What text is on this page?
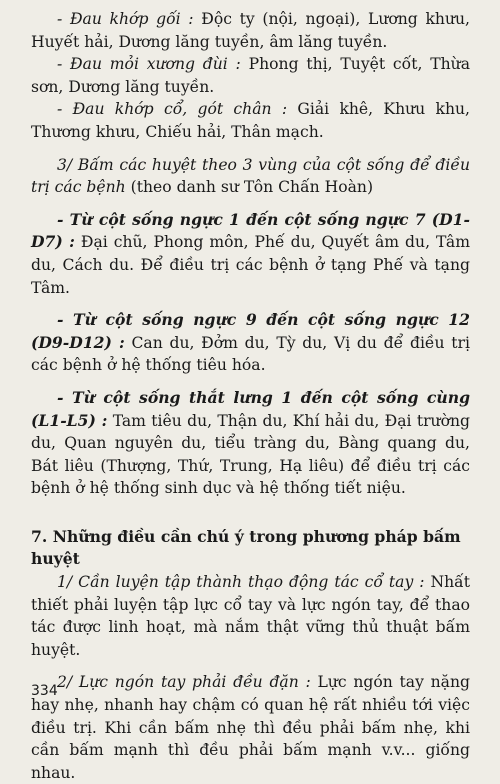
- Đau khớp gối : Độc ty (nội, ngoại), Lương khưu, Huyết hải, Dương lăng tuyền, âm lăng tuyền.

- Đau mỏi xương đùi : Phong thị, Tuyệt cốt, Thừa sơn, Dương lăng tuyền.

- Đau khớp cổ, gót chân : Giải khê, Khưu khu, Thương khưu, Chiếu hải, Thân mạch.

3/ Bấm các huyệt theo 3 vùng của cột sống để điều trị các bệnh (theo danh sư Tôn Chấn Hoàn)

- Từ cột sống ngực 1 đến cột sống ngực 7 (D1-D7) : Đại chũ, Phong môn, Phế du, Quyết âm du, Tâm du, Cách du. Để điều trị các bệnh ở tạng Phế và tạng Tâm.

- Từ cột sống ngực 9 đến cột sống ngực 12 (D9-D12) : Can du, Đởm du, Tỳ du, Vị du để điều trị các bệnh ở hệ thống tiêu hóa.

- Từ cột sống thắt lưng 1 đến cột sống cùng (L1-L5) : Tam tiêu du, Thận du, Khí hải du, Đại trường du, Quan nguyên du, tiểu tràng du, Bàng quang du, Bát liêu (Thượng, Thứ, Trung, Hạ liêu) để điều trị các bệnh ở hệ thống sinh dục và hệ thống tiết niệu.

7. Những điều cần chú ý trong phương pháp bấm huyệt

1/ Cần luyện tập thành thạo động tác cổ tay : Nhất thiết phải luyện tập lực cổ tay và lực ngón tay, để thao tác được linh hoạt, mà nắm thật vững thủ thuật bấm huyệt.

2/ Lực ngón tay phải đều đặn : Lực ngón tay nặng hay nhẹ, nhanh hay chậm có quan hệ rất nhiều tới việc điều trị. Khi cần bấm nhẹ thì đều phải bấm nhẹ, khi cần bấm mạnh thì đều phải bấm mạnh v.v... giống nhau.

334
